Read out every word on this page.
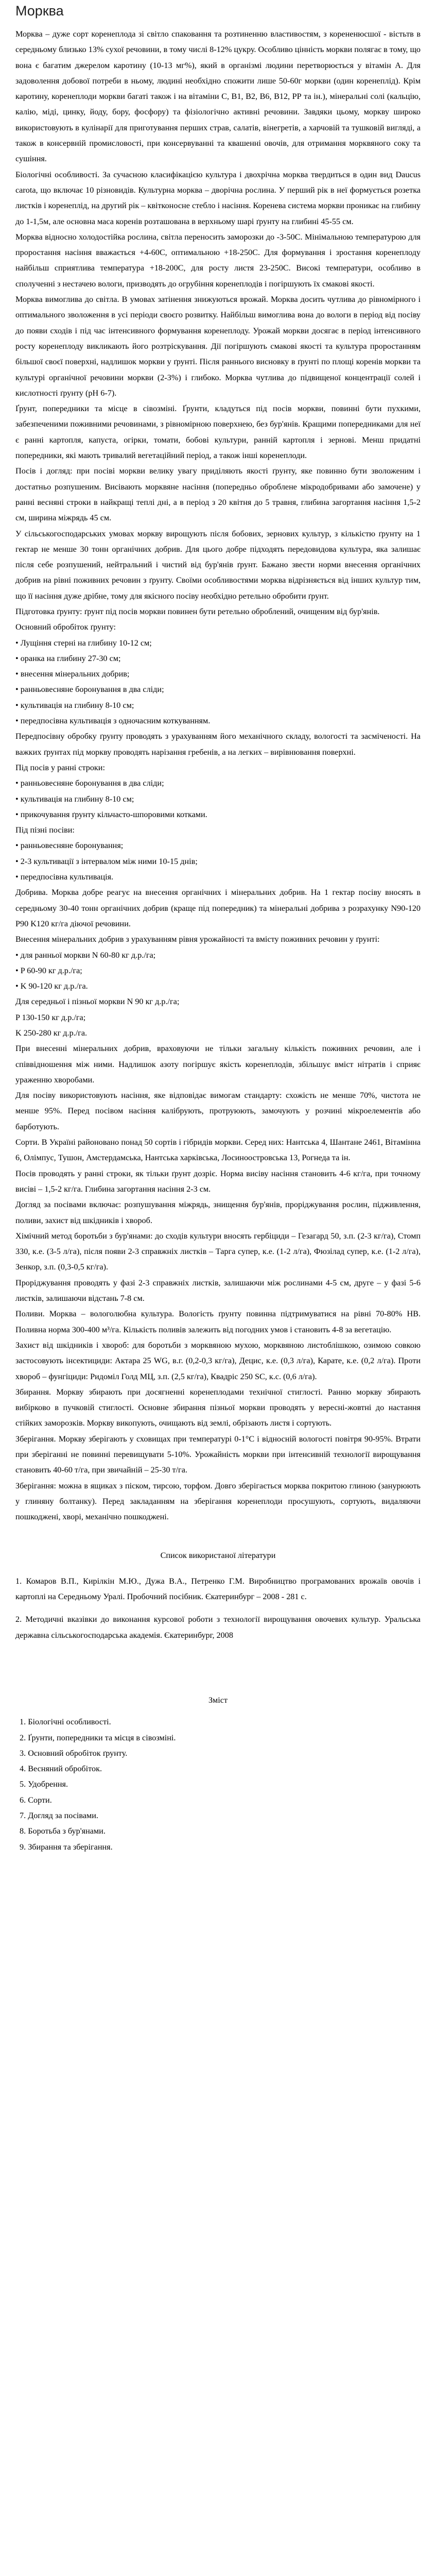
Морква

Морква – дуже сорт коренеплода зі світло спаковання та розтиненню властивостям, з корененюсшої - вістьтв в середньому близько 13% сухої речовини, в тому числі 8-12% цукру. Особливо цінність моркви полягає в тому, що вона є багатим джерелом каротину (10-13 мг%), який в організмі людини перетворюється у вітамін А. Для задоволення добової потреби в ньому, людині необхідно спожити лише 50-60г моркви (один коренеплід). Крім каротину, коренеплоди моркви багаті також і на вітаміни С, В1, В2, В6, В12, РР та ін.), мінеральні солі (кальцію, калію, міді, цинку, йоду, бору, фосфору) та фізіологічно активні речовини. Завдяки цьому, моркву широко використовують в кулінарії для приготування перших страв, салатів, вінегретів, а харчовій та тушковій вигляді, а також в консервній промисловості, при консервуванні та квашенні овочів, для отримання морквяного соку та сушіння.

Біологічні особливості. За сучасною класифікацією культура і двохрічна морква твердиться в один вид Daucus carota, що включає 10 різновидів. Культурна морква – дворічна рослина. У перший рік в неї формується розетка листків і коренеплід, на другий рік – квітконосне стебло і насіння. Коренева система моркви проникає на глибину до 1-1,5м, але основна маса коренів розташована в верхньому шарі ґрунту на глибині 45-55 см.

Морква відносно холодостійка рослина, світла переносить заморозки до -3-50С. Мінімальною температурою для проростання насіння вважається +4-60С, оптимальною +18-250С. Для формування і зростання коренеплоду найбільш сприятлива температура +18-200С, для росту листя 23-250С. Високі температури, особливо в сполученні з нестачею вологи, призводять до огрубіння коренеплодів і погіршують їх смакові якості.

Морква вимоглива до світла. В умовах затінення знижуються врожай. Морква досить чутлива до рівномірного і оптимального зволоження в усі періоди своєго розвитку. Найбільш вимоглива вона до вологи в період від посіву до появи сходів і під час інтенсивного формування коренеплоду. Урожай моркви досягає в період інтенсивного росту коренеплоду викликають його розтріскування. Дії погіршують смакові якості та культура проростанням більшої своєї поверхні, надлишок моркви у ґрунті. Після раннього висновку в ґрунті по площі коренів моркви та культурі органічної речовини моркви (2-3%) і глибоко. Морква чутлива до підвищеної концентрації солей і кислотності ґрунту (рН 6-7).

Ґрунт, попередники та місце в сівозміні. Ґрунти, кладуться під посів моркви, повинні бути пухкими, забезпеченими поживними речовинами, з рівномірною поверхнею, без бур'янів. Кращими попередниками для неї є ранні картопля, капуста, огірки, томати, бобові культури, ранній картопля і зернові. Менш придатні попередники, які мають тривалий вегетаційний період, а також інші коренеплоди.

Посів і догляд: при посіві моркви велику увагу приділяють якості ґрунту, яке повинно бути зволоженим і достатньо розпушеним. Висівають морквяне насіння (попередньо оброблене мікродобривами або замочене) у ранні весняні строки в найкращі теплі дні, а в період з 20 квітня до 5 травня, глибина загортання насіння 1,5-2 см, ширина міжрядь 45 см.

У сільськогосподарських умовах моркву вирощують після бобових, зернових культур, з кількістю ґрунту на 1 гектар не менше 30 тонн органічних добрив. Для цього добре підходять передовидова культура, яка залишає після себе розпушений, нейтральний і чистий від бур'янів ґрунт. Бажано звести норми внесення органічних добрив на рівні поживних речовин з ґрунту. Своїми особливостями морква відрізняється від інших культур тим, що її насіння дуже дрібне, тому для якісного посіву необхідно ретельно обробити ґрунт.

Підготовка ґрунту: ґрунт під посів моркви повинен бути ретельно оброблений, очищеним від бур'янів.

Основний обробіток ґрунту:

• Лущіння стерні на глибину 10-12 см;

• оранка на глибину 27-30 см;

• внесення мінеральних добрив;

• ранньовесняне боронування в два сліди;

• культивація на глибину 8-10 см;

• передпосівна культивація з одночасним коткуванням.

Передпосівну обробку ґрунту проводять з урахуванням його механічного складу, вологості та засміченості. На важких ґрунтах під моркву проводять нарізання гребенів, а на легких – вирівнювання поверхні.

Під посів у ранні строки:

• ранньовесняне боронування в два сліди;

• культивація на глибину 8-10 см;

• прикочування ґрунту кільчасто-шпоровими котками.

Під пізні посіви:

• ранньовесняне боронування;

• 2-3 культивації з інтервалом між ними 10-15 днів;

• передпосівна культивація.

Добрива. Морква добре реагує на внесення органічних і мінеральних добрив. На 1 гектар посіву вносять в середньому 30-40 тонн органічних добрив (краще під попередник) та мінеральні добрива з розрахунку N90-120 P90 K120 кг/га діючої речовини.

Внесення мінеральних добрив з урахуванням рівня урожайності та вмісту поживних речовин у ґрунті:

• для ранньої моркви N 60-80 кг д.р./га;

• P 60-90 кг д.р./га;

• K 90-120 кг д.р./га.

Для середньої і пізньої моркви N 90 кг д.р./га;

P 130-150 кг д.р./га;

K 250-280 кг д.р./га.

При внесенні мінеральних добрив, враховуючи не тільки загальну кількість поживних речовин, але і співвідношення між ними. Надлишок азоту погіршує якість коренеплодів, збільшує вміст нітратів і сприяє ураженню хворобами.

Для посіву використовують насіння, яке відповідає вимогам стандарту: схожість не менше 70%, чистота не менше 95%. Перед посівом насіння калібрують, протруюють, замочують у розчині мікроелементів або барботують.

Сорти. В Україні районовано понад 50 сортів і гібридів моркви. Серед них: Нантська 4, Шантане 2461, Вітамінна 6, Олімпус, Тушон, Амстердамська, Нантська харківська, Лосиноостровська 13, Рогнеда та ін.

Посів проводять у ранні строки, як тільки ґрунт дозріє. Норма висіву насіння становить 4-6 кг/га, при точному висіві – 1,5-2 кг/га. Глибина загортання насіння 2-3 см.

Догляд за посівами включає: розпушування міжрядь, знищення бур'янів, проріджування рослин, підживлення, поливи, захист від шкідників і хвороб.

Хімічний метод боротьби з бур'янами: до сходів культури вносять гербіциди – Гезагард 50, з.п. (2-3 кг/га), Стомп 330, к.е. (3-5 л/га), після появи 2-3 справжніх листків – Тарга супер, к.е. (1-2 л/га), Фюзілад супер, к.е. (1-2 л/га), Зенкор, з.п. (0,3-0,5 кг/га).

Проріджування проводять у фазі 2-3 справжніх листків, залишаючи між рослинами 4-5 см, друге – у фазі 5-6 листків, залишаючи відстань 7-8 см.

Поливи. Морква – вологолюбна культура. Вологість ґрунту повинна підтримуватися на рівні 70-80% НВ. Поливна норма 300-400 м³/га. Кількість поливів залежить від погодних умов і становить 4-8 за вегетацію.

Захист від шкідників і хвороб: для боротьби з морквяною мухою, морквяною листоблішкою, озимою совкою застосовують інсектициди: Актара 25 WG, в.г. (0,2-0,3 кг/га), Децис, к.е. (0,3 л/га), Карате, к.е. (0,2 л/га). Проти хвороб – фунгіциди: Ридоміл Голд МЦ, з.п. (2,5 кг/га), Квадріс 250 SC, к.с. (0,6 л/га).

Збирання. Моркву збирають при досягненні коренеплодами технічної стиглості. Ранню моркву збирають вибірково в пучковій стиглості. Основне збирання пізньої моркви проводять у вересні-жовтні до настання стійких заморозків. Моркву викопують, очищають від землі, обрізають листя і сортують.

Зберігання. Моркву зберігають у сховищах при температурі 0-1°С і відносній вологості повітря 90-95%. Втрати при зберіганні не повинні перевищувати 5-10%. Урожайність моркви при інтенсивній технології вирощування становить 40-60 т/га, при звичайній – 25-30 т/га.

Зберігання: можна в ящиках з піском, тирсою, торфом. Довго зберігається морква покритою глиною (занурюють у глиняну болтанку). Перед закладанням на зберігання коренеплоди просушують, сортують, видаляючи пошкоджені, хворі, механічно пошкоджені.

Список використаної літератури

1. Комаров В.П., Кирілкін М.Ю., Дужа В.А., Петренко Г.М. Виробництво програмованих врожаїв овочів і картоплі на Середньому Уралі. Пробочний посібник. Єкатеринбург – 2008 - 281 с.

2. Методичні вказівки до виконання курсової роботи з технології вирощування овочевих культур. Уральська державна сільськогосподарська академія. Єкатеринбург, 2008

Зміст
1. Біологічні особливості.
2. Ґрунти, попередники та місця в сівозміні.
3. Основний обробіток ґрунту.
4. Весняний обробіток.
5. Удобрення.
6. Сорти.
7. Догляд за посівами.
8. Боротьба з бур'янами.
9. Збирання та зберігання.
